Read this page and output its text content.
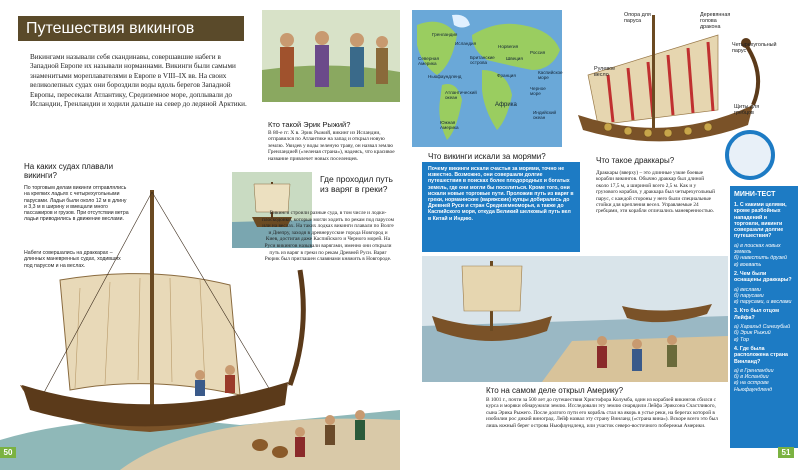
Путешествия викингов
Викингами называли себя скандинавы, совершавшие набеги в Западной Европе их называли норманнами. Викинги были самыми знаменитыми мореплавателями в Европе в VIII–IX вв. На своих великолепных судах они бороздили воды вдоль берегов Западной Европы, пересекали Атлантику, Средиземное море, доплывали до Исландии, Гренландии и ходили дальше на север до ледяной Арктики.
На каких судах плавали викинги?
По торговым делам викинги отправлялись на крепких ладьях с четырехугольными парусами. Ладьи были около 12 м в длину и 3,3 м в ширину и вмещали много пассажиров и грузов. При отсутствии ветра ладьи приводились в движение веслами.
Набеги совершались на драккарах – длинных маневренных судах, ходивших под парусом и на веслах.
Кто такой Эрик Рыжий?
В 80-е гг. X в. Эрик Рыжий, викинг из Исландии, отправился по Атлантике на запад и открыл новую землю. Увидев у воды зеленую траву, он назвал землю Гренландией («зеленая страна»), надеясь, что красивое название привлечет новых поселенцев.
Где проходил путь из варяг в греки?
Викинги строили разные суда, в том числе и лодки-плоскодонки, которые могли ходить по рекам под парусом или на веслах. На таких лодках викинги плавали по Волге и Днепру, заходя в древнерусские города Новгород и Киев, достигая даже Каспийского и Черного морей. На Руси викингов называли варягами, именно они открыли путь из варяг в греки по рекам Древней Руси. Варяг Рюрик был приглашен славянами княжить в Новгороде.
50
Гренландия
Исландия
Норвегия
Россия
Северная Америка
Британские острова
Швеция
Каспийское море
Ньюфаундленд	Франция
Черное море
Атлантический океан
Африка
Индийский океан
Южная Америка
Что викинги искали за морями?
Почему викинги искали счастья за морями, точно не известно. Возможно, они совершали долгие путешествия в поисках более плодородных и богатых земель, где они могли бы поселиться. Кроме того, они искали новые торговые пути. Проложив путь из варяг в греки, норманнские (варяжские) купцы добирались до Древней Руси и стран Средиземноморья, а также до Каспийского моря, откуда Великий шелковый путь вел в Китай и Индию.
Опора для паруса
Деревянная голова дракона
Четырехугольный парус
Рулевое весло
Щиты для гребцов
Что такое драккары?
Драккары (вверху) – это длинные узкие боевые корабли викингов. Обычно драккар был длиной около 17,5 м, а шириной всего 2,5 м. Как и у грузового корабля, у драккара был четырехугольный парус, с каждой стороны у него были специальные стойки для крепления весел. Управляемые 24 гребцами, эти корабли отличались маневренностью.
МИНИ-ТЕСТ

1. С какими целями, кроме разбойных нападений и торговли, викинги совершали долгие путешествия?

а) в поисках новых земель

б) навестить друзей

в) воевать

2. Чем были оснащены драккары?

а) веслами

б) парусами

в) парусами, и веслами

3. Кто был отцом Лейфа?

а) Харальд Синезубый

б) Эрик Рыжий

в) Тор

4. Где была расположена страна Винланд?

а) в Гренландии

б) в Исландии

в) на острове Ньюфаундленд

Кто на самом деле открыл Америку?
В 1001 г., почти за 500 лет до путешествия Христофора Колумба, один из кораблей викингов сбился с курса и моряки обнаружили землю. Исследовали эту землю снарядили Лейфа Эриксона Счастливого, сына Эрика Рыжего. После долгого пути его корабль стал на якорь в устье реки, на берегах которой в изобилии рос дикий виноград. Лейф назвал эту страну Винланд («страна вина»). Вскоре всего это был лишь южный берег острова Ньюфаундленд, или участок северо-восточного побережья Америки.
51
